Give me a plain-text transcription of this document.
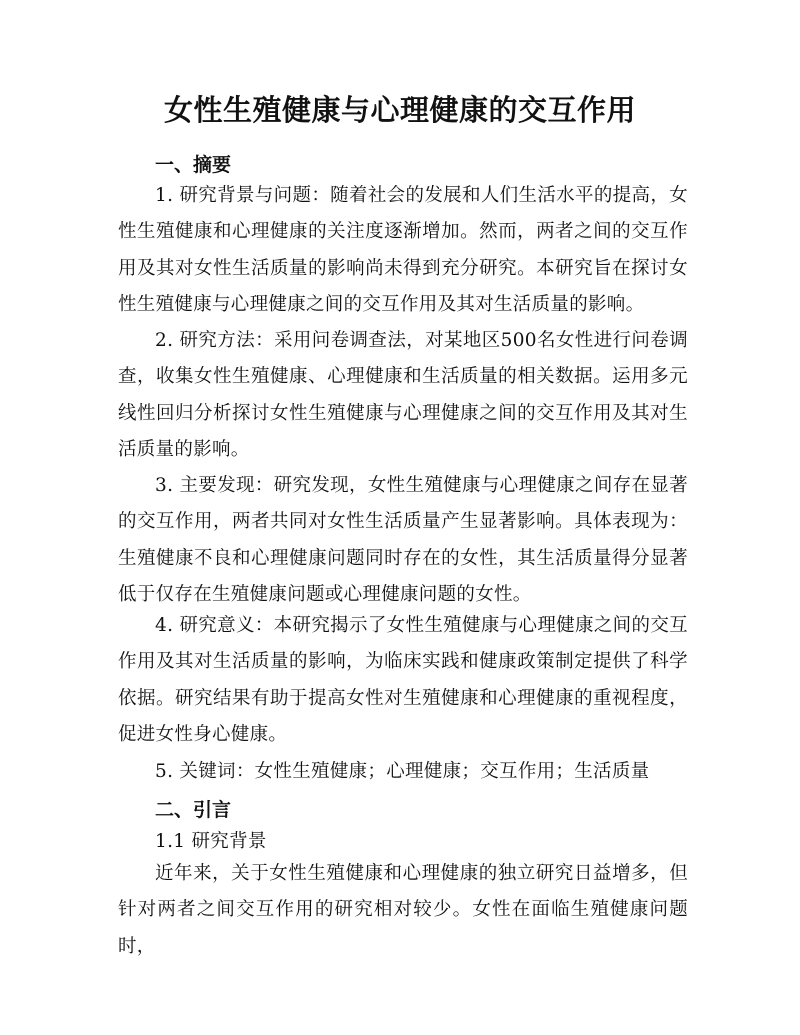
女性生殖健康与心理健康的交互作用
一、摘要
1. 研究背景与问题：随着社会的发展和人们生活水平的提高，女性生殖健康和心理健康的关注度逐渐增加。然而，两者之间的交互作用及其对女性生活质量的影响尚未得到充分研究。本研究旨在探讨女性生殖健康与心理健康之间的交互作用及其对生活质量的影响。
2. 研究方法：采用问卷调查法，对某地区500名女性进行问卷调查，收集女性生殖健康、心理健康和生活质量的相关数据。运用多元线性回归分析探讨女性生殖健康与心理健康之间的交互作用及其对生活质量的影响。
3. 主要发现：研究发现，女性生殖健康与心理健康之间存在显著的交互作用，两者共同对女性生活质量产生显著影响。具体表现为：生殖健康不良和心理健康问题同时存在的女性，其生活质量得分显著低于仅存在生殖健康问题或心理健康问题的女性。
4. 研究意义：本研究揭示了女性生殖健康与心理健康之间的交互作用及其对生活质量的影响，为临床实践和健康政策制定提供了科学依据。研究结果有助于提高女性对生殖健康和心理健康的重视程度，促进女性身心健康。
5. 关键词：女性生殖健康；心理健康；交互作用；生活质量
二、引言
1.1 研究背景
近年来，关于女性生殖健康和心理健康的独立研究日益增多，但针对两者之间交互作用的研究相对较少。女性在面临生殖健康问题时，
